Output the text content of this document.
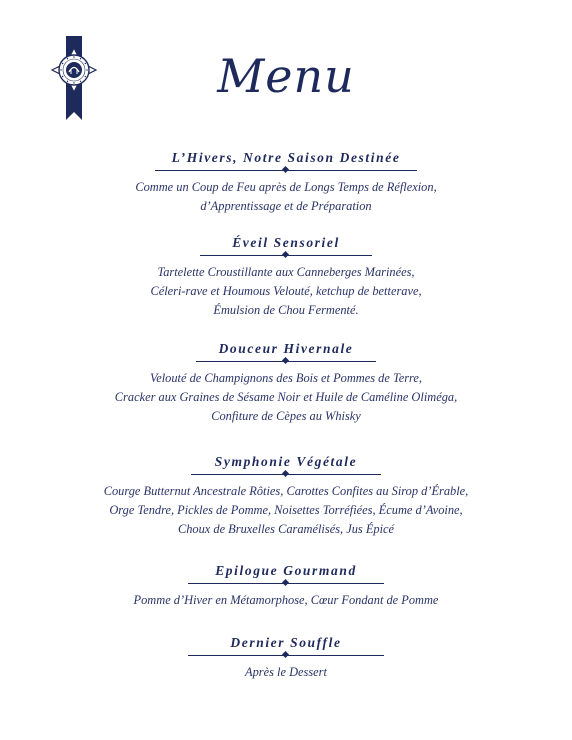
Menu
L’Hivers, Notre Saison Destinée
Comme un Coup de Feu après de Longs Temps de Réflexion,
d’Apprentissage et de Préparation
Éveil Sensoriel
Tartelette Croustillante aux Canneberges Marinées,
Céleri-rave et Houmous Velouté, ketchup de betterave,
Émulsion de Chou Fermenté.
Douceur Hivernale
Velouté de Champignons des Bois et Pommes de Terre,
Cracker aux Graines de Sésame Noir et Huile de Caméline Oliméga,
Confiture de Cèpes au Whisky
Symphonie Végétale
Courge Butternut Ancestrale Rôties, Carottes Confites au Sirop d’Érable,
Orge Tendre, Pickles de Pomme, Noisettes Torréfiées, Écume d’Avoine,
Choux de Bruxelles Caramélisés, Jus Épicé
Epilogue Gourmand
Pomme d’Hiver en Métamorphose, Cœur Fondant de Pomme
Dernier Souffle
Après le Dessert
